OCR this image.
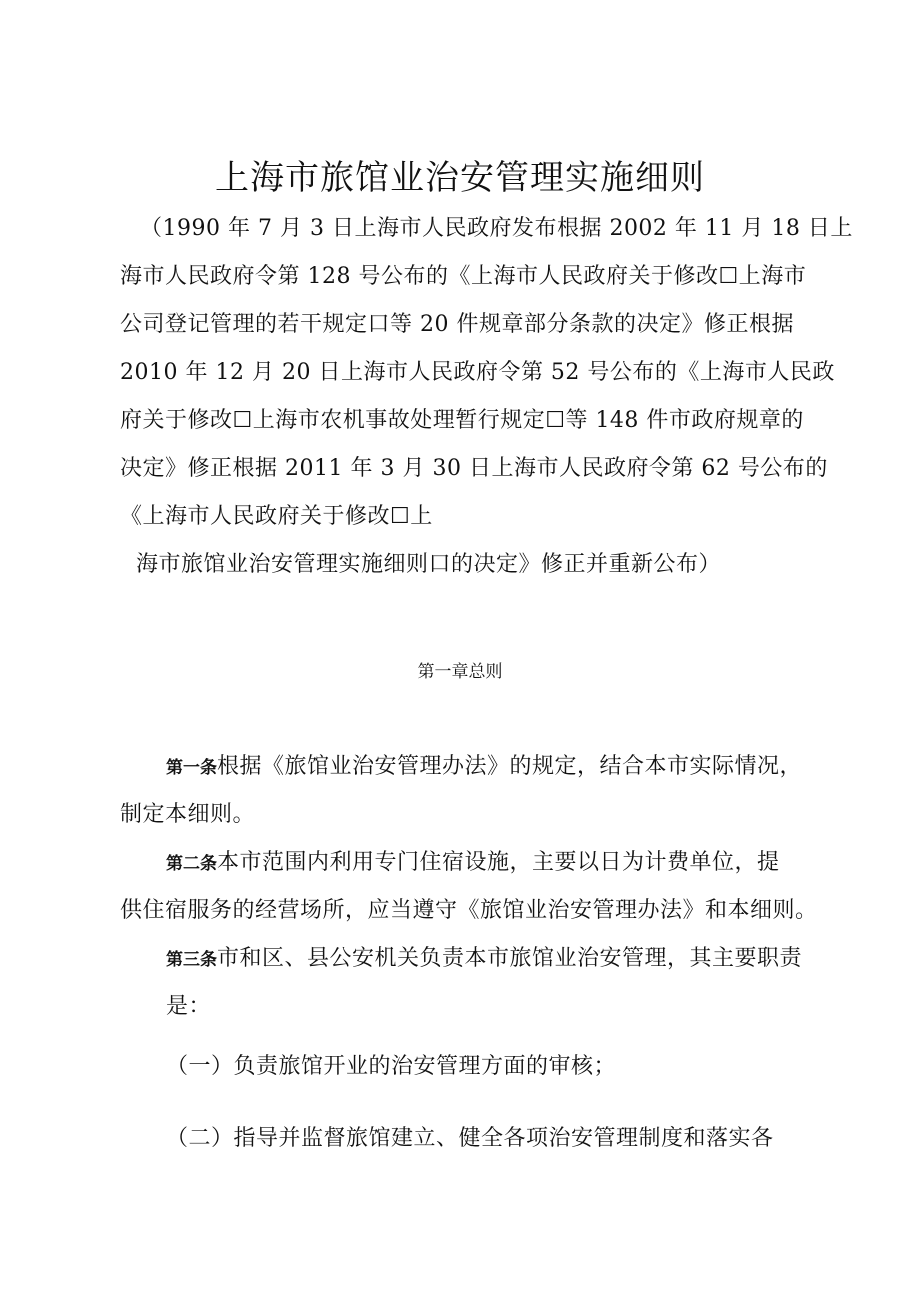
上海市旅馆业治安管理实施细则
（1990 年 7 月 3 日上海市人民政府发布根据 2002 年 11 月 18 日上
海市人民政府令第 128 号公布的《上海市人民政府关于修改☐上海市
公司登记管理的若干规定口等 20 件规章部分条款的决定》修正根据
2010 年 12 月 20 日上海市人民政府令第 52 号公布的《上海市人民政
府关于修改☐上海市农机事故处理暂行规定☐等 148 件市政府规章的
决定》修正根据 2011 年 3 月 30 日上海市人民政府令第 62 号公布的
《上海市人民政府关于修改☐上
海市旅馆业治安管理实施细则口的决定》修正并重新公布）
第一章总则
第一条根据《旅馆业治安管理办法》的规定，结合本市实际情况，
制定本细则。
第二条本市范围内利用专门住宿设施，主要以日为计费单位，提
供住宿服务的经营场所，应当遵守《旅馆业治安管理办法》和本细则。
第三条市和区、县公安机关负责本市旅馆业治安管理，其主要职责
是：
（一）负责旅馆开业的治安管理方面的审核；
（二）指导并监督旅馆建立、健全各项治安管理制度和落实各
